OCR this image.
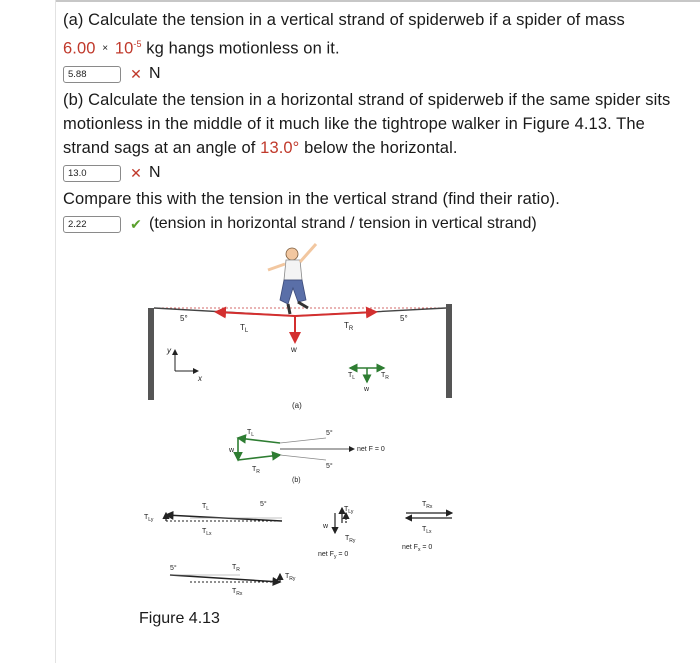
(a) Calculate the tension in a vertical strand of spiderweb if a spider of mass
$6.00 \times 10^{-5}$ kg hangs motionless on it.
5.88	✕ N
(b) Calculate the tension in a horizontal strand of spiderweb if the same spider sits motionless in the middle of it much like the tightrope walker in Figure 4.13. The strand sags at an angle of 13.0° below the horizontal.
13.0	✕ N
Compare this with the tension in the vertical strand (find their ratio).
2.22	✔ (tension in horizontal strand / tension in vertical strand)
5°	5°
$T_L$
$T_R$
w
y
x	$T_L$	$T_R$
w
(a)
$T_L$
$T_R$
w
5°
5°
net F = 0
(b)
$T_L$
$T_{Ly}$
$T_{Lx}$
5°
5°	$T_R$
$T_{Rx}$
$T_{Ry}$
w
$T_{Ly}$
$T_{Ry}$
net $F_y = 0$
$T_{Rx}$
$T_{Lx}$
net $F_x = 0$
Figure 4.13
